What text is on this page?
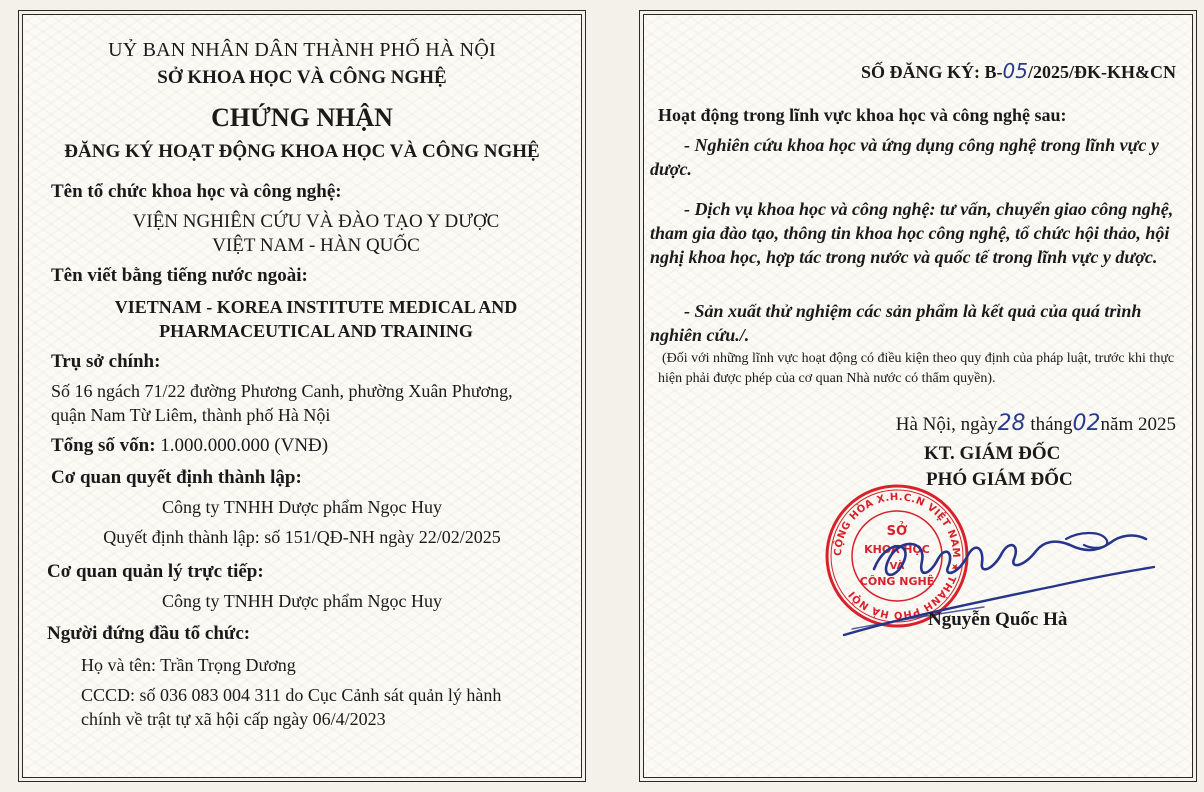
UỶ BAN NHÂN DÂN THÀNH PHỐ HÀ NỘI
SỞ KHOA HỌC VÀ CÔNG NGHỆ
CHỨNG NHẬN
ĐĂNG KÝ HOẠT ĐỘNG KHOA HỌC VÀ CÔNG NGHỆ
Tên tổ chức khoa học và công nghệ:
VIỆN NGHIÊN CỨU VÀ ĐÀO TẠO Y DƯỢC
VIỆT NAM - HÀN QUỐC
Tên viết bằng tiếng nước ngoài:
VIETNAM - KOREA INSTITUTE MEDICAL AND
PHARMACEUTICAL AND TRAINING
Trụ sở chính:
Số 16 ngách 71/22 đường Phương Canh, phường Xuân Phương,
quận Nam Từ Liêm, thành phố Hà Nội
Tổng số vốn: 1.000.000.000 (VNĐ)
Cơ quan quyết định thành lập:
Công ty TNHH Dược phẩm Ngọc Huy
Quyết định thành lập: số 151/QĐ-NH ngày 22/02/2025
Cơ quan quản lý trực tiếp:
Công ty TNHH Dược phẩm Ngọc Huy
Người đứng đầu tổ chức:
Họ và tên: Trần Trọng Dương
CCCD: số 036 083 004 311 do Cục Cảnh sát quản lý hành
chính về trật tự xã hội cấp ngày 06/4/2023
SỐ ĐĂNG KÝ: B-05/2025/ĐK-KH&CN
Hoạt động trong lĩnh vực khoa học và công nghệ sau:
- Nghiên cứu khoa học và ứng dụng công nghệ trong lĩnh vực y dược.
- Dịch vụ khoa học và công nghệ: tư vấn, chuyển giao công nghệ, tham gia đào tạo, thông tin khoa học công nghệ, tổ chức hội thảo, hội nghị khoa học, hợp tác trong nước và quốc tế trong lĩnh vực y dược.
- Sản xuất thử nghiệm các sản phẩm là kết quả của quá trình nghiên cứu./.
(Đối với những lĩnh vực hoạt động có điều kiện theo quy định của pháp luật, trước khi thực hiện phải được phép của cơ quan Nhà nước có thẩm quyền).
Hà Nội, ngày28 tháng02năm 2025
KT. GIÁM ĐỐC
PHÓ GIÁM ĐỐC
CỘNG HÒA X.H.C.N VIỆT NAM ★ THÀNH PHỐ HÀ NỘI
SỞ
KHOA HỌC
VÀ
CÔNG NGHỆ
Nguyễn Quốc Hà
